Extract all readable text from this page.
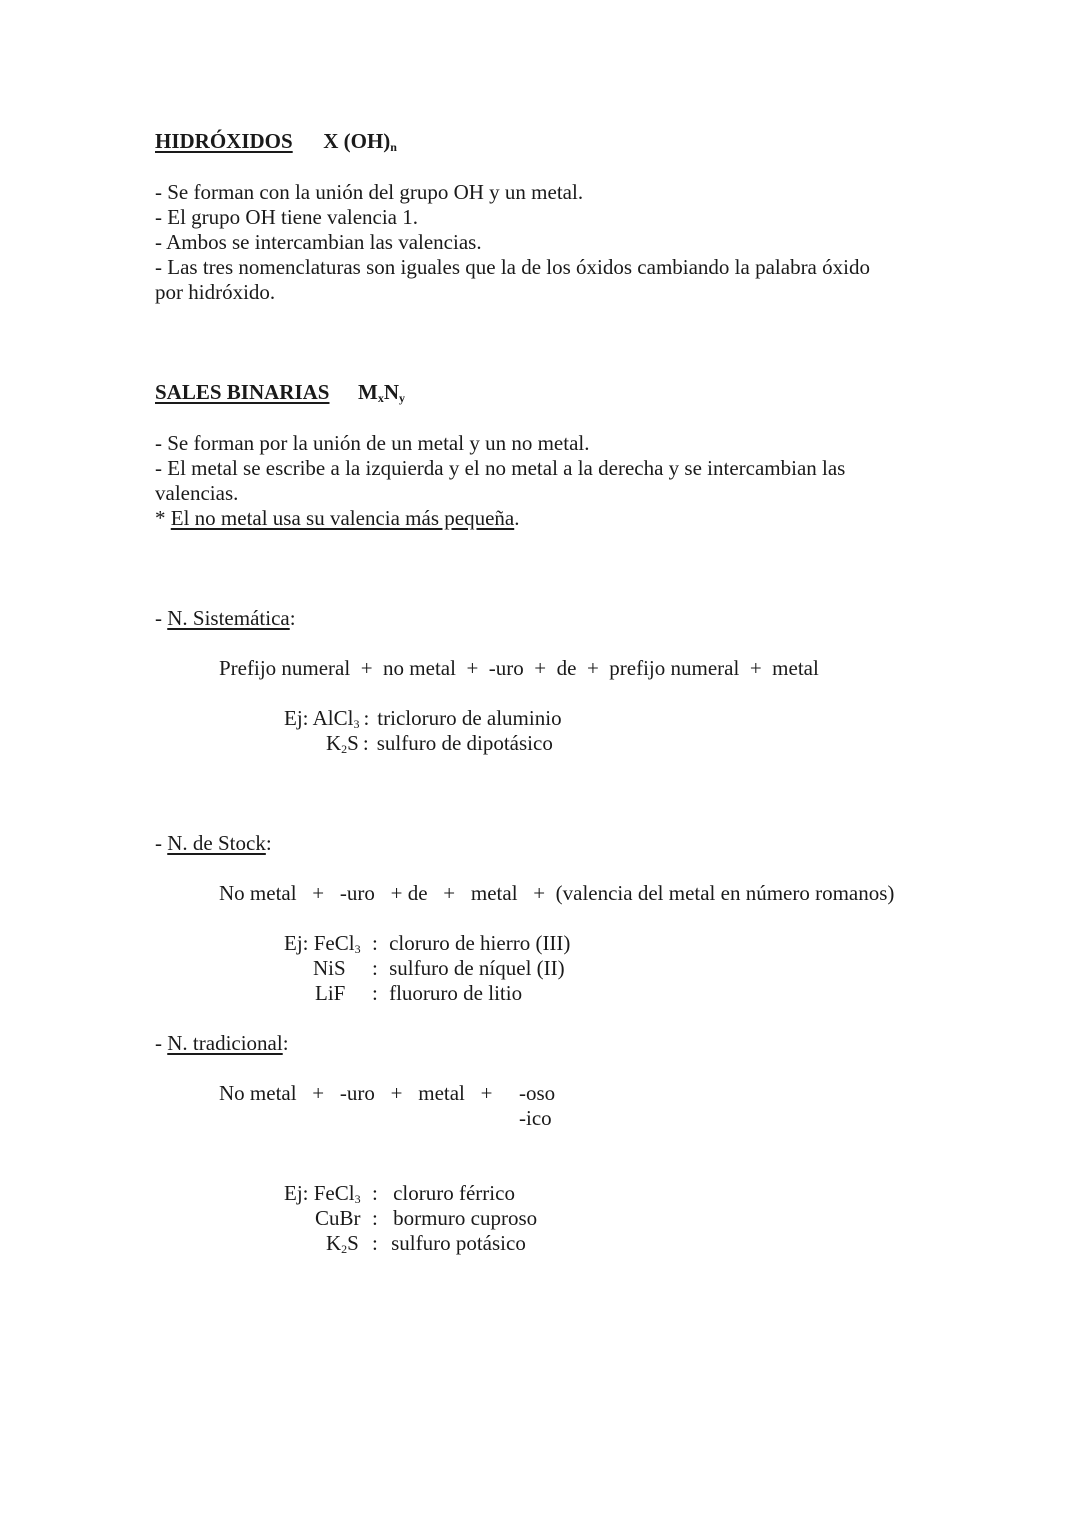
HIDRÓXIDOS X $(OH)_n$
- Se forman con la unión del grupo OH y un metal.
- El grupo OH tiene valencia 1.
- Ambos se intercambian las valencias.
- Las tres nomenclaturas son iguales que la de los óxidos cambiando la palabra óxido
por hidróxido.
SALES BINARIAS $M_xN_y$
- Se forman por la unión de un metal y un no metal.
- El metal se escribe a la izquierda y el no metal a la derecha y se intercambian las
valencias.
* El no metal usa su valencia más pequeña.
- N. Sistemática:
Prefijo numeral  +  no metal  +  -uro  +  de  +  prefijo numeral  +  metal
Ej: AlCl$_3$ : tricloruro de aluminio
$K_2S$ : sulfuro de dipotásico
- N. de Stock:
No metal   +   -uro   + de   +   metal   +  (valencia del metal en número romanos)
Ej: FeCl$_3$ : cloruro de hierro (III)
NiS : sulfuro de níquel (II)
LiF : fluoruro de litio
- N. tradicional:
No metal   +   -uro   +   metal   + -oso
-ico
Ej: FeCl$_3$ : cloruro férrico
CuBr : bormuro cuproso
$K_2S$ : sulfuro potásico
